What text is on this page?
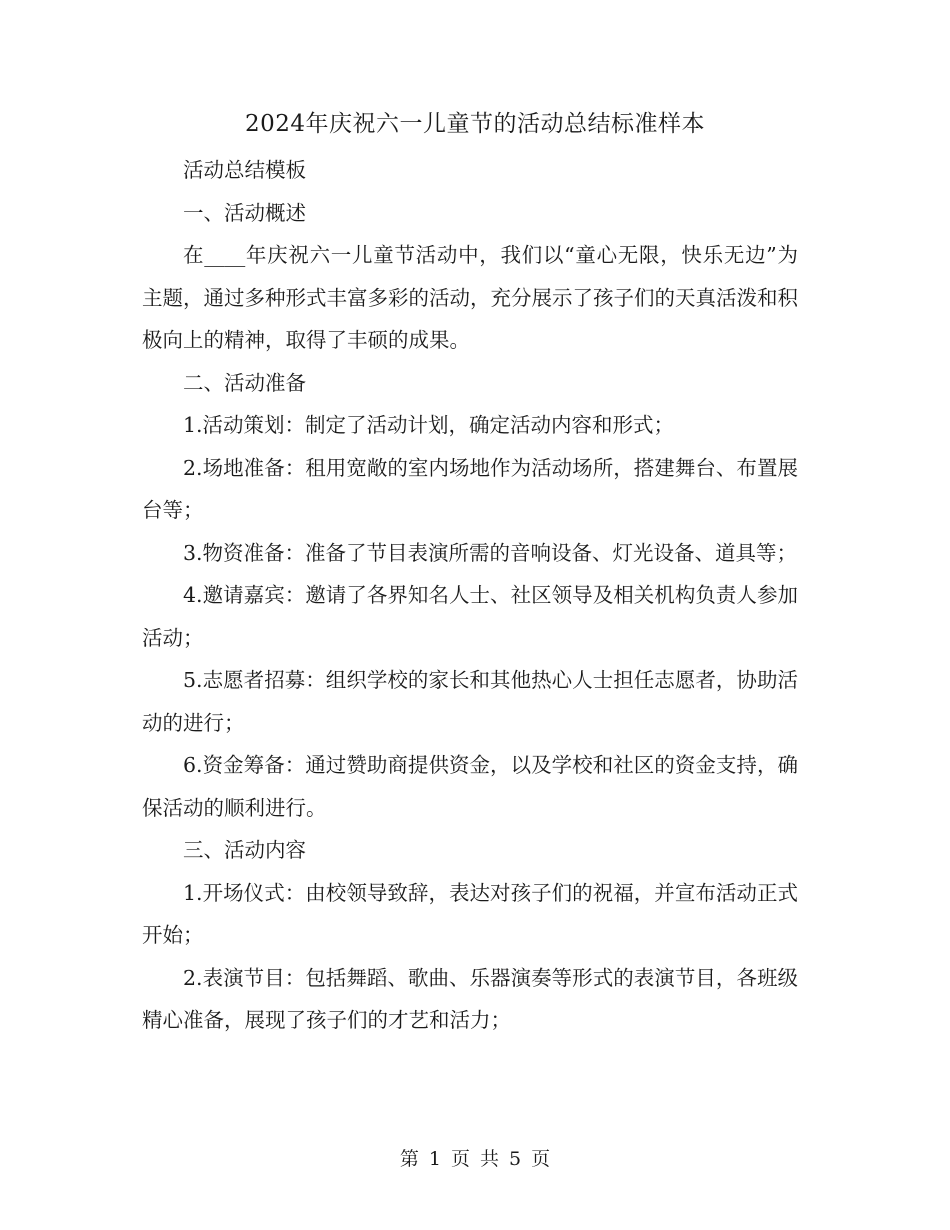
2024年庆祝六一儿童节的活动总结标准样本

活动总结模板

一、活动概述

在____年庆祝六一儿童节活动中，我们以“童心无限，快乐无边”为主题，通过多种形式丰富多彩的活动，充分展示了孩子们的天真活泼和积极向上的精神，取得了丰硕的成果。

二、活动准备

1.活动策划：制定了活动计划，确定活动内容和形式；

2.场地准备：租用宽敞的室内场地作为活动场所，搭建舞台、布置展台等；

3.物资准备：准备了节目表演所需的音响设备、灯光设备、道具等；

4.邀请嘉宾：邀请了各界知名人士、社区领导及相关机构负责人参加活动；

5.志愿者招募：组织学校的家长和其他热心人士担任志愿者，协助活动的进行；

6.资金筹备：通过赞助商提供资金，以及学校和社区的资金支持，确保活动的顺利进行。

三、活动内容

1.开场仪式：由校领导致辞，表达对孩子们的祝福，并宣布活动正式开始；

2.表演节目：包括舞蹈、歌曲、乐器演奏等形式的表演节目，各班级精心准备，展现了孩子们的才艺和活力；

第 1 页 共 5 页
